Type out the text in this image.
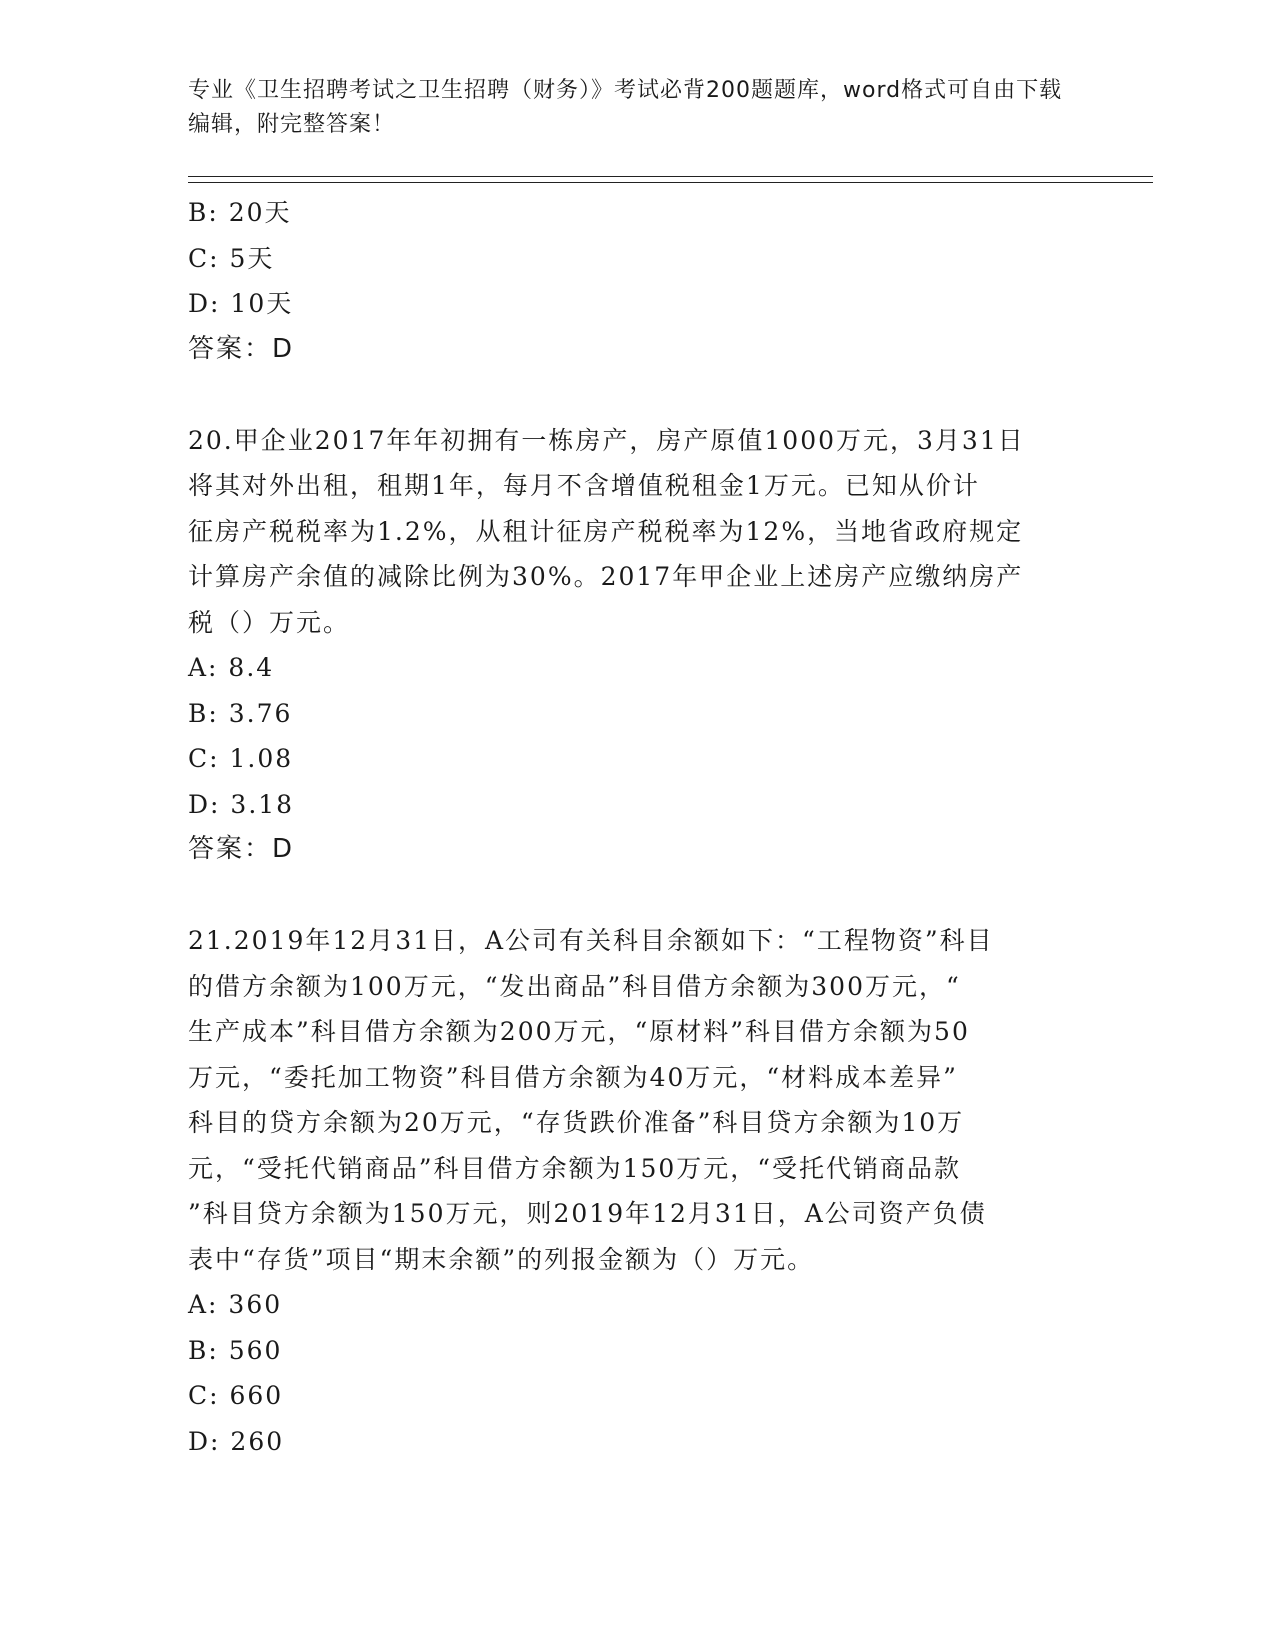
专业《卫生招聘考试之卫生招聘（财务）》考试必背200题题库，word格式可自由下载编辑，附完整答案！
B: 20天
C: 5天
D: 10天
答案：D
20.甲企业2017年年初拥有一栋房产，房产原值1000万元，3月31日
将其对外出租，租期1年，每月不含增值税租金1万元。已知从价计
征房产税税率为1.2%，从租计征房产税税率为12%，当地省政府规定
计算房产余值的减除比例为30%。2017年甲企业上述房产应缴纳房产
税（）万元。
A: 8.4
B: 3.76
C: 1.08
D: 3.18
答案：D
21.2019年12月31日，A公司有关科目余额如下：“工程物资”科目
的借方余额为100万元，“发出商品”科目借方余额为300万元，“
生产成本”科目借方余额为200万元，“原材料”科目借方余额为50
万元，“委托加工物资”科目借方余额为40万元，“材料成本差异”
科目的贷方余额为20万元，“存货跌价准备”科目贷方余额为10万
元，“受托代销商品”科目借方余额为150万元，“受托代销商品款
”科目贷方余额为150万元，则2019年12月31日，A公司资产负债
表中“存货”项目“期末余额”的列报金额为（）万元。
A: 360
B: 560
C: 660
D: 260
